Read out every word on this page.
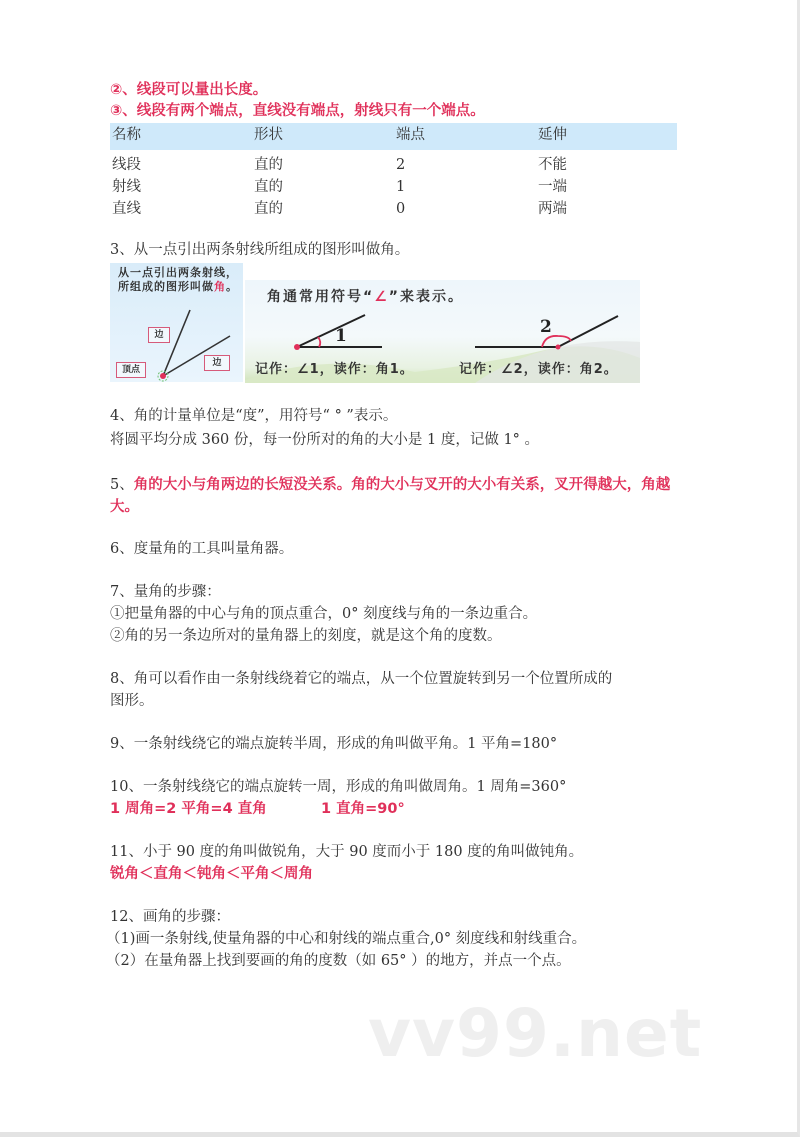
②、线段可以量出长度。
③、线段有两个端点，直线没有端点，射线只有一个端点。
名称	形状	端点	延伸
线段	直的	2	不能
射线	直的	1	一端
直线	直的	0	两端
3、从一点引出两条射线所组成的图形叫做角。
从一点引出两条射线，所组成的图形叫做角。
边
边
顶点
角通常用符号“∠”来表示。
1	2
记作：∠1，读作：角1。	记作：∠2，读作：角2。
4、角的计量单位是“度”，用符号“ ° ”表示。
将圆平均分成 360 份，每一份所对的角的大小是 1 度，记做 1° 。
5、角的大小与角两边的长短没关系。角的大小与叉开的大小有关系，叉开得越大，角越大。
6、度量角的工具叫量角器。
7、量角的步骤：
①把量角器的中心与角的顶点重合，0° 刻度线与角的一条边重合。
②角的另一条边所对的量角器上的刻度，就是这个角的度数。
8、角可以看作由一条射线绕着它的端点，从一个位置旋转到另一个位置所成的
图形。
9、一条射线绕它的端点旋转半周，形成的角叫做平角。1 平角=180°
10、一条射线绕它的端点旋转一周，形成的角叫做周角。1 周角=360°
1 周角=2 平角=4 直角	1 直角=90°
11、小于 90 度的角叫做锐角，大于 90 度而小于 180 度的角叫做钝角。
锐角＜直角＜钝角＜平角＜周角
12、画角的步骤：
（1)画一条射线,使量角器的中心和射线的端点重合,0° 刻度线和射线重合。
（2）在量角器上找到要画的角的度数（如 65° ）的地方，并点一个点。
vv99.net
